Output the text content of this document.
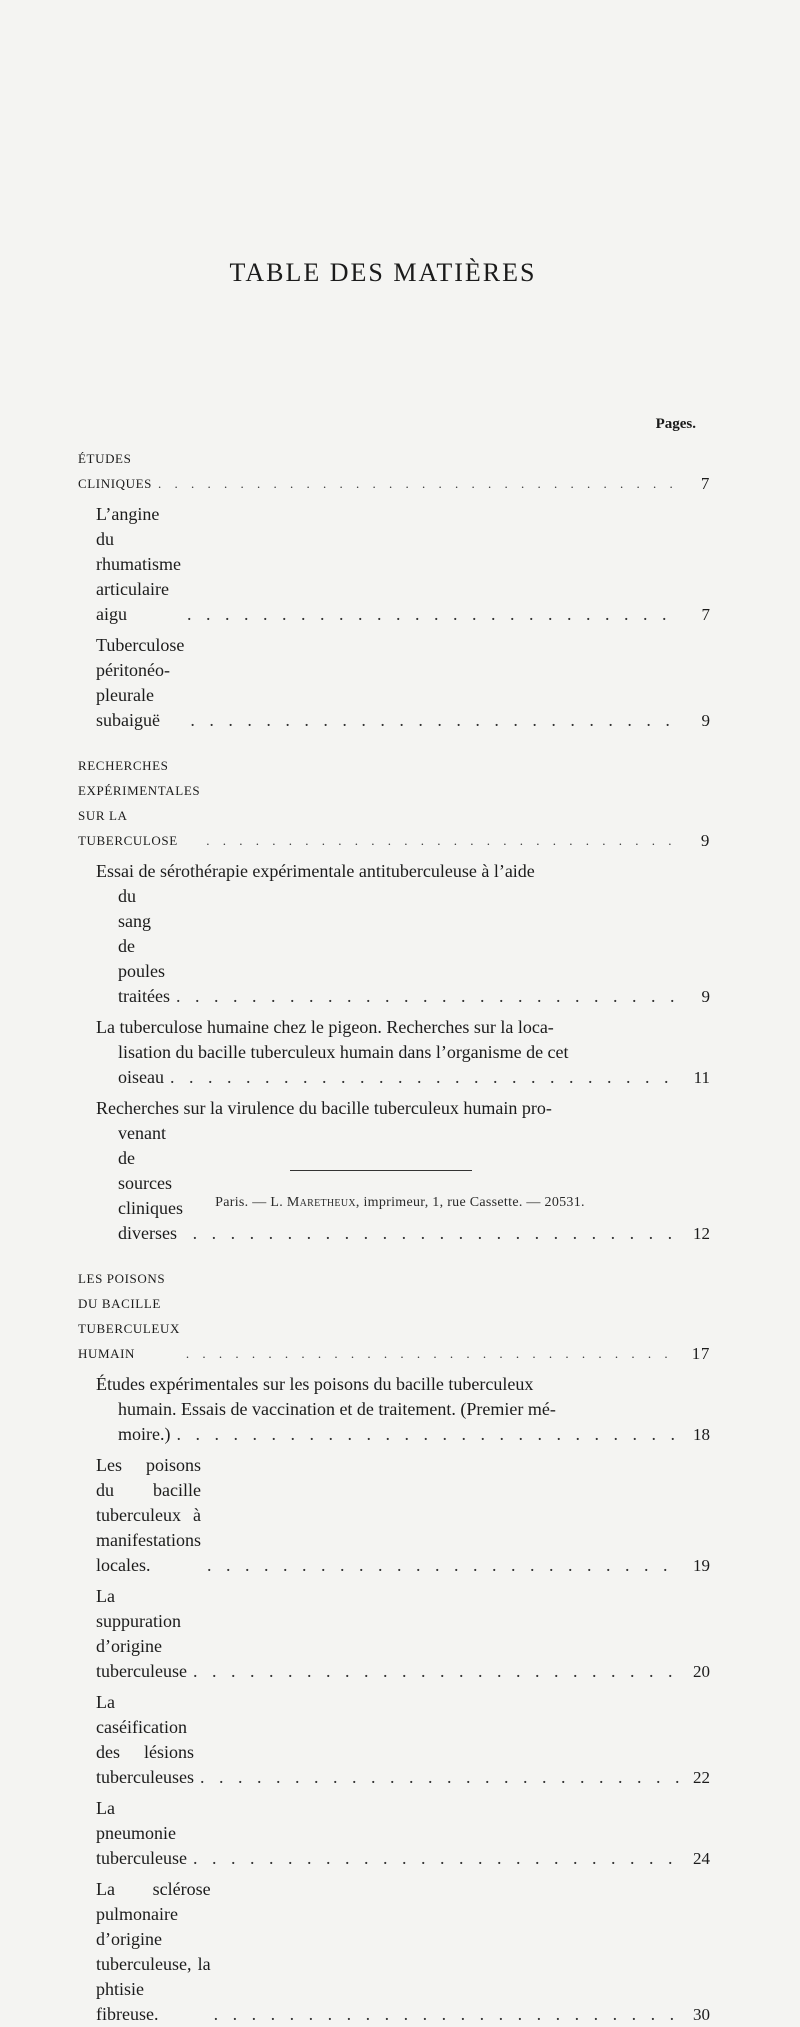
TABLE DES MATIÈRES
Pages.
ÉTUDES CLINIQUES . . .	7
L’angine du rhumatisme articulaire aigu . . .	7
Tuberculose péritonéo-pleurale subaiguë . . .	9
RECHERCHES EXPÉRIMENTALES SUR LA TUBERCULOSE . . .	9
Essai de sérothérapie expérimentale antituberculeuse à l’aide
du sang de poules traitées . . .	9
La tuberculose humaine chez le pigeon. Recherches sur la loca-
lisation du bacille tuberculeux humain dans l’organisme de cet
oiseau . . .	11
Recherches sur la virulence du bacille tuberculeux humain pro-
venant de sources cliniques diverses . . .	12
LES POISONS DU BACILLE TUBERCULEUX HUMAIN . . .	17
Études expérimentales sur les poisons du bacille tuberculeux
humain. Essais de vaccination et de traitement. (Premier mé-
moire.) . . .	18
Les poisons du bacille tuberculeux à manifestations locales. . . .	19
La suppuration d’origine tuberculeuse . . .	20
La caséification des lésions tuberculeuses . . .	22
La pneumonie tuberculeuse . . .	24
La sclérose pulmonaire d’origine tuberculeuse, la phtisie fibreuse. . . .	30
Paris. — L. Maretheux, imprimeur, 1, rue Cassette. — 20531.
